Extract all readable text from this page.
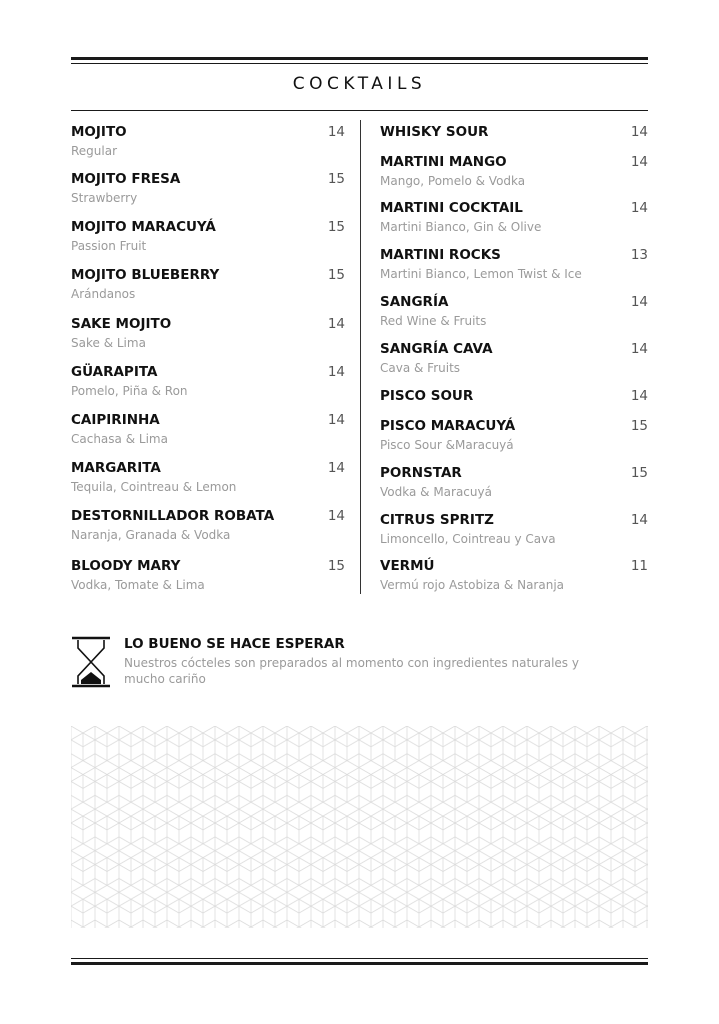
COCKTAILS
MOJITO
Regular
14
MOJITO FRESA
Strawberry
15
MOJITO MARACUYÁ
Passion Fruit
15
MOJITO BLUEBERRY
Arándanos
15
SAKE MOJITO
Sake & Lima
14
GÜARAPITA
Pomelo, Piña & Ron
14
CAIPIRINHA
Cachasa & Lima
14
MARGARITA
Tequila, Cointreau & Lemon
14
DESTORNILLADOR ROBATA
Naranja, Granada & Vodka
14
BLOODY MARY
Vodka, Tomate & Lima
15
WHISKY SOUR	14
MARTINI MANGO
Mango, Pomelo & Vodka
14
MARTINI COCKTAIL
Martini Bianco, Gin & Olive
14
MARTINI ROCKS
Martini Bianco, Lemon Twist & Ice
13
SANGRÍA
Red Wine & Fruits
14
SANGRÍA CAVA
Cava & Fruits
14
PISCO SOUR	14
PISCO MARACUYÁ
Pisco Sour &Maracuyá
15
PORNSTAR
Vodka & Maracuyá
15
CITRUS SPRITZ
Limoncello, Cointreau y Cava
14
VERMÚ
Vermú rojo Astobiza & Naranja
11
LO BUENO SE HACE ESPERAR
Nuestros cócteles son preparados al momento con ingredientes naturales y mucho cariño
